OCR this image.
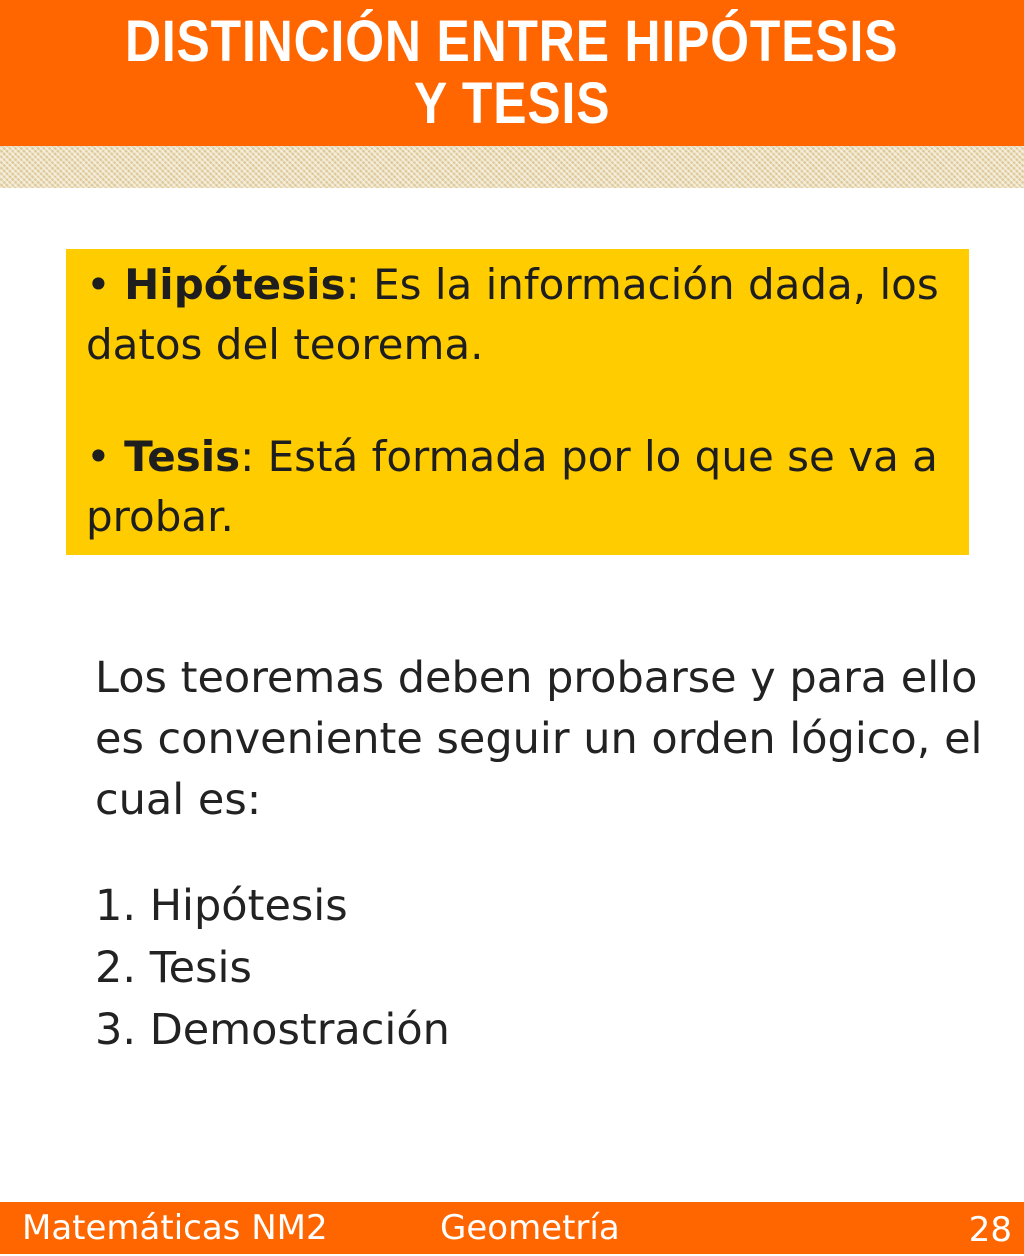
DISTINCIÓN ENTRE HIPÓTESIS
Y TESIS

• Hipótesis: Es la información dada, los datos del teorema.

• Tesis: Está formada por lo que se va a probar.

Los teoremas deben probarse y para ello es conveniente seguir un orden lógico, el cual es:

1. Hipótesis
2. Tesis
3. Demostración
Matemáticas NM2	Geometría	28
